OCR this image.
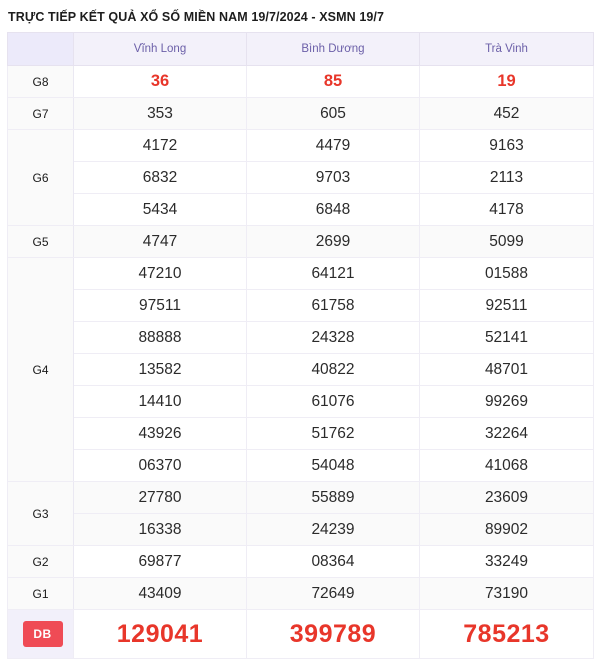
TRỰC TIẾP KẾT QUẢ XỔ SỐ MIỀN NAM 19/7/2024 - XSMN 19/7
	Vĩnh Long	Bình Dương	Trà Vinh
G8	36	85	19
G7	353	605	452
G6	4172	4479	9163
	6832	9703	2113
	5434	6848	4178
G5	4747	2699	5099
G4	47210	64121	01588
	97511	61758	92511
	88888	24328	52141
	13582	40822	48701
	14410	61076	99269
	43926	51762	32264
	06370	54048	41068
G3	27780	55889	23609
	16338	24239	89902
G2	69877	08364	33249
G1	43409	72649	73190

DB	129041	399789	785213
